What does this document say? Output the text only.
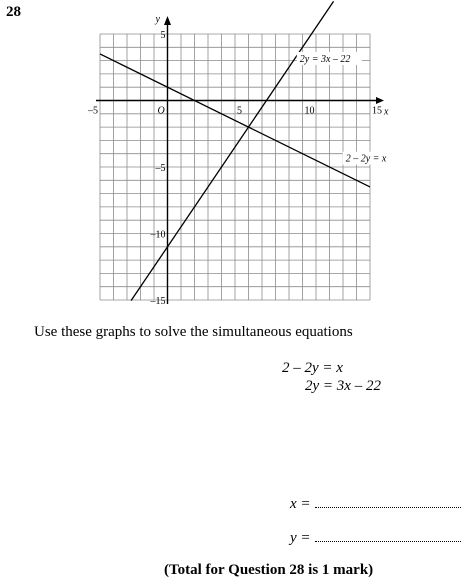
28
x
y
O
–5	5	10	15
5
–5
–10
–15
2y = 3x – 22
2 – 2y = x
Use these graphs to solve the simultaneous equations
2 – 2y = x
2y = 3x – 22
x =
y =
(Total for Question 28 is 1 mark)
